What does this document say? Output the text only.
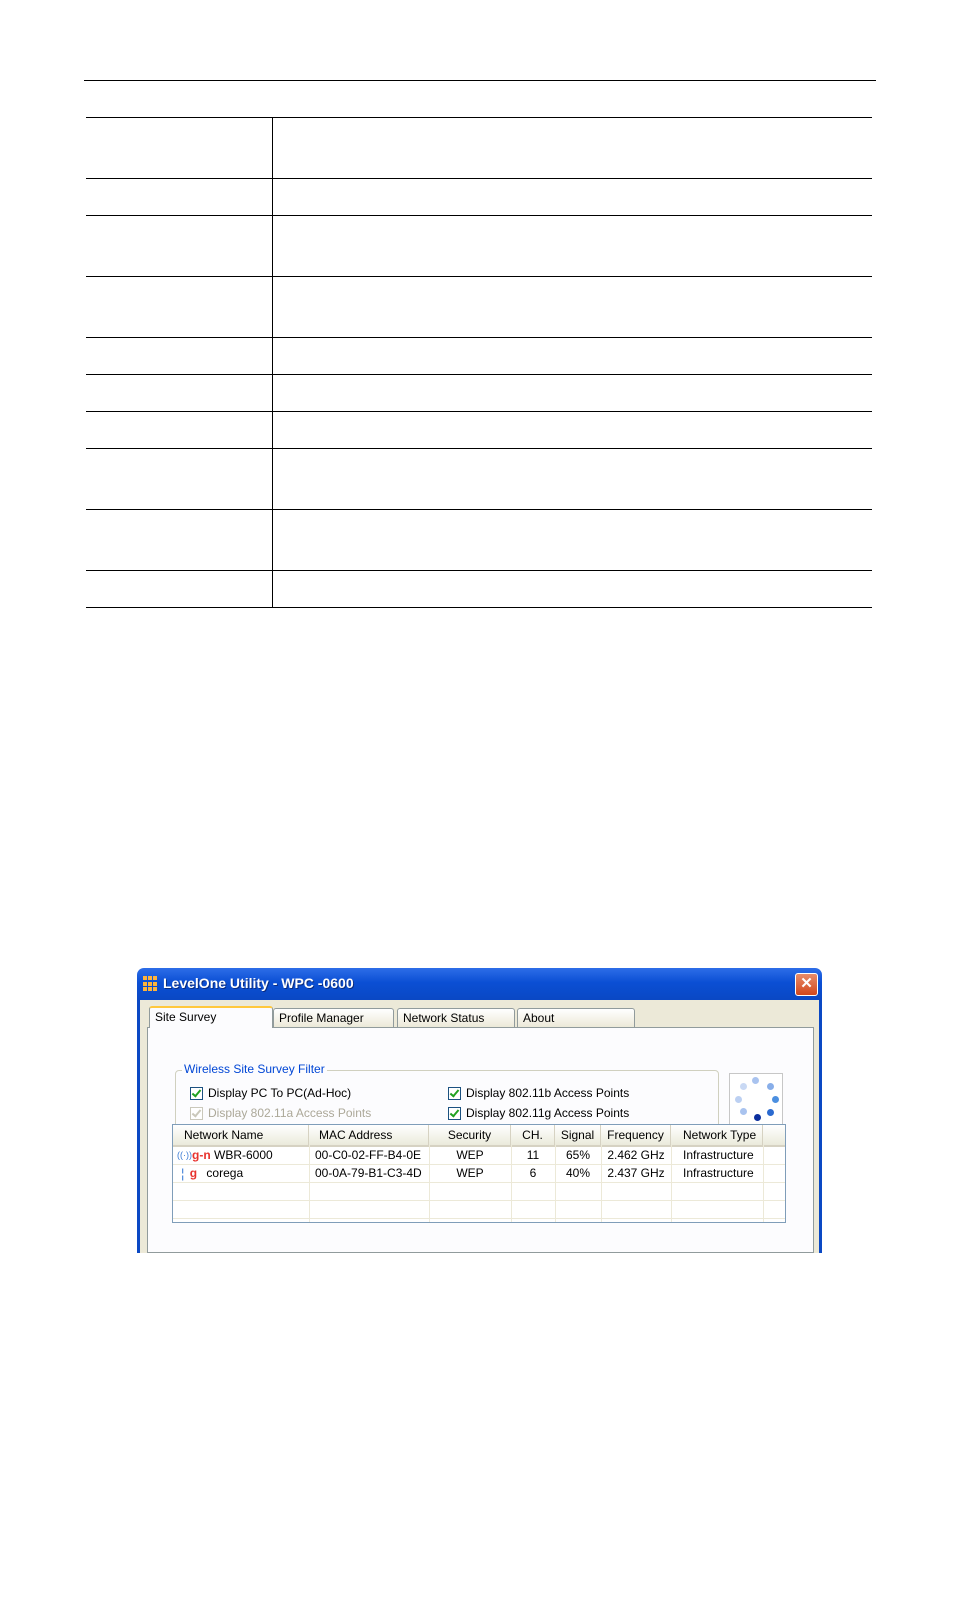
LevelOne Utility - WPC -0600	✕
Site Survey	Profile Manager	Network Status	About
Wireless Site Survey Filter
Display PC To PC(Ad-Hoc)	Display 802.11b Access Points
Display 802.11a Access Points	Display 802.11g Access Points
Network Name	MAC Address	Security	CH.	Signal	Frequency	Network Type
((·))g-n WBR-6000	00-C0-02-FF-B4-0E	WEP	11	65%	2.462 GHz	Infrastructure
¦ g corega	00-0A-79-B1-C3-4D	WEP	6	40%	2.437 GHz	Infrastructure
